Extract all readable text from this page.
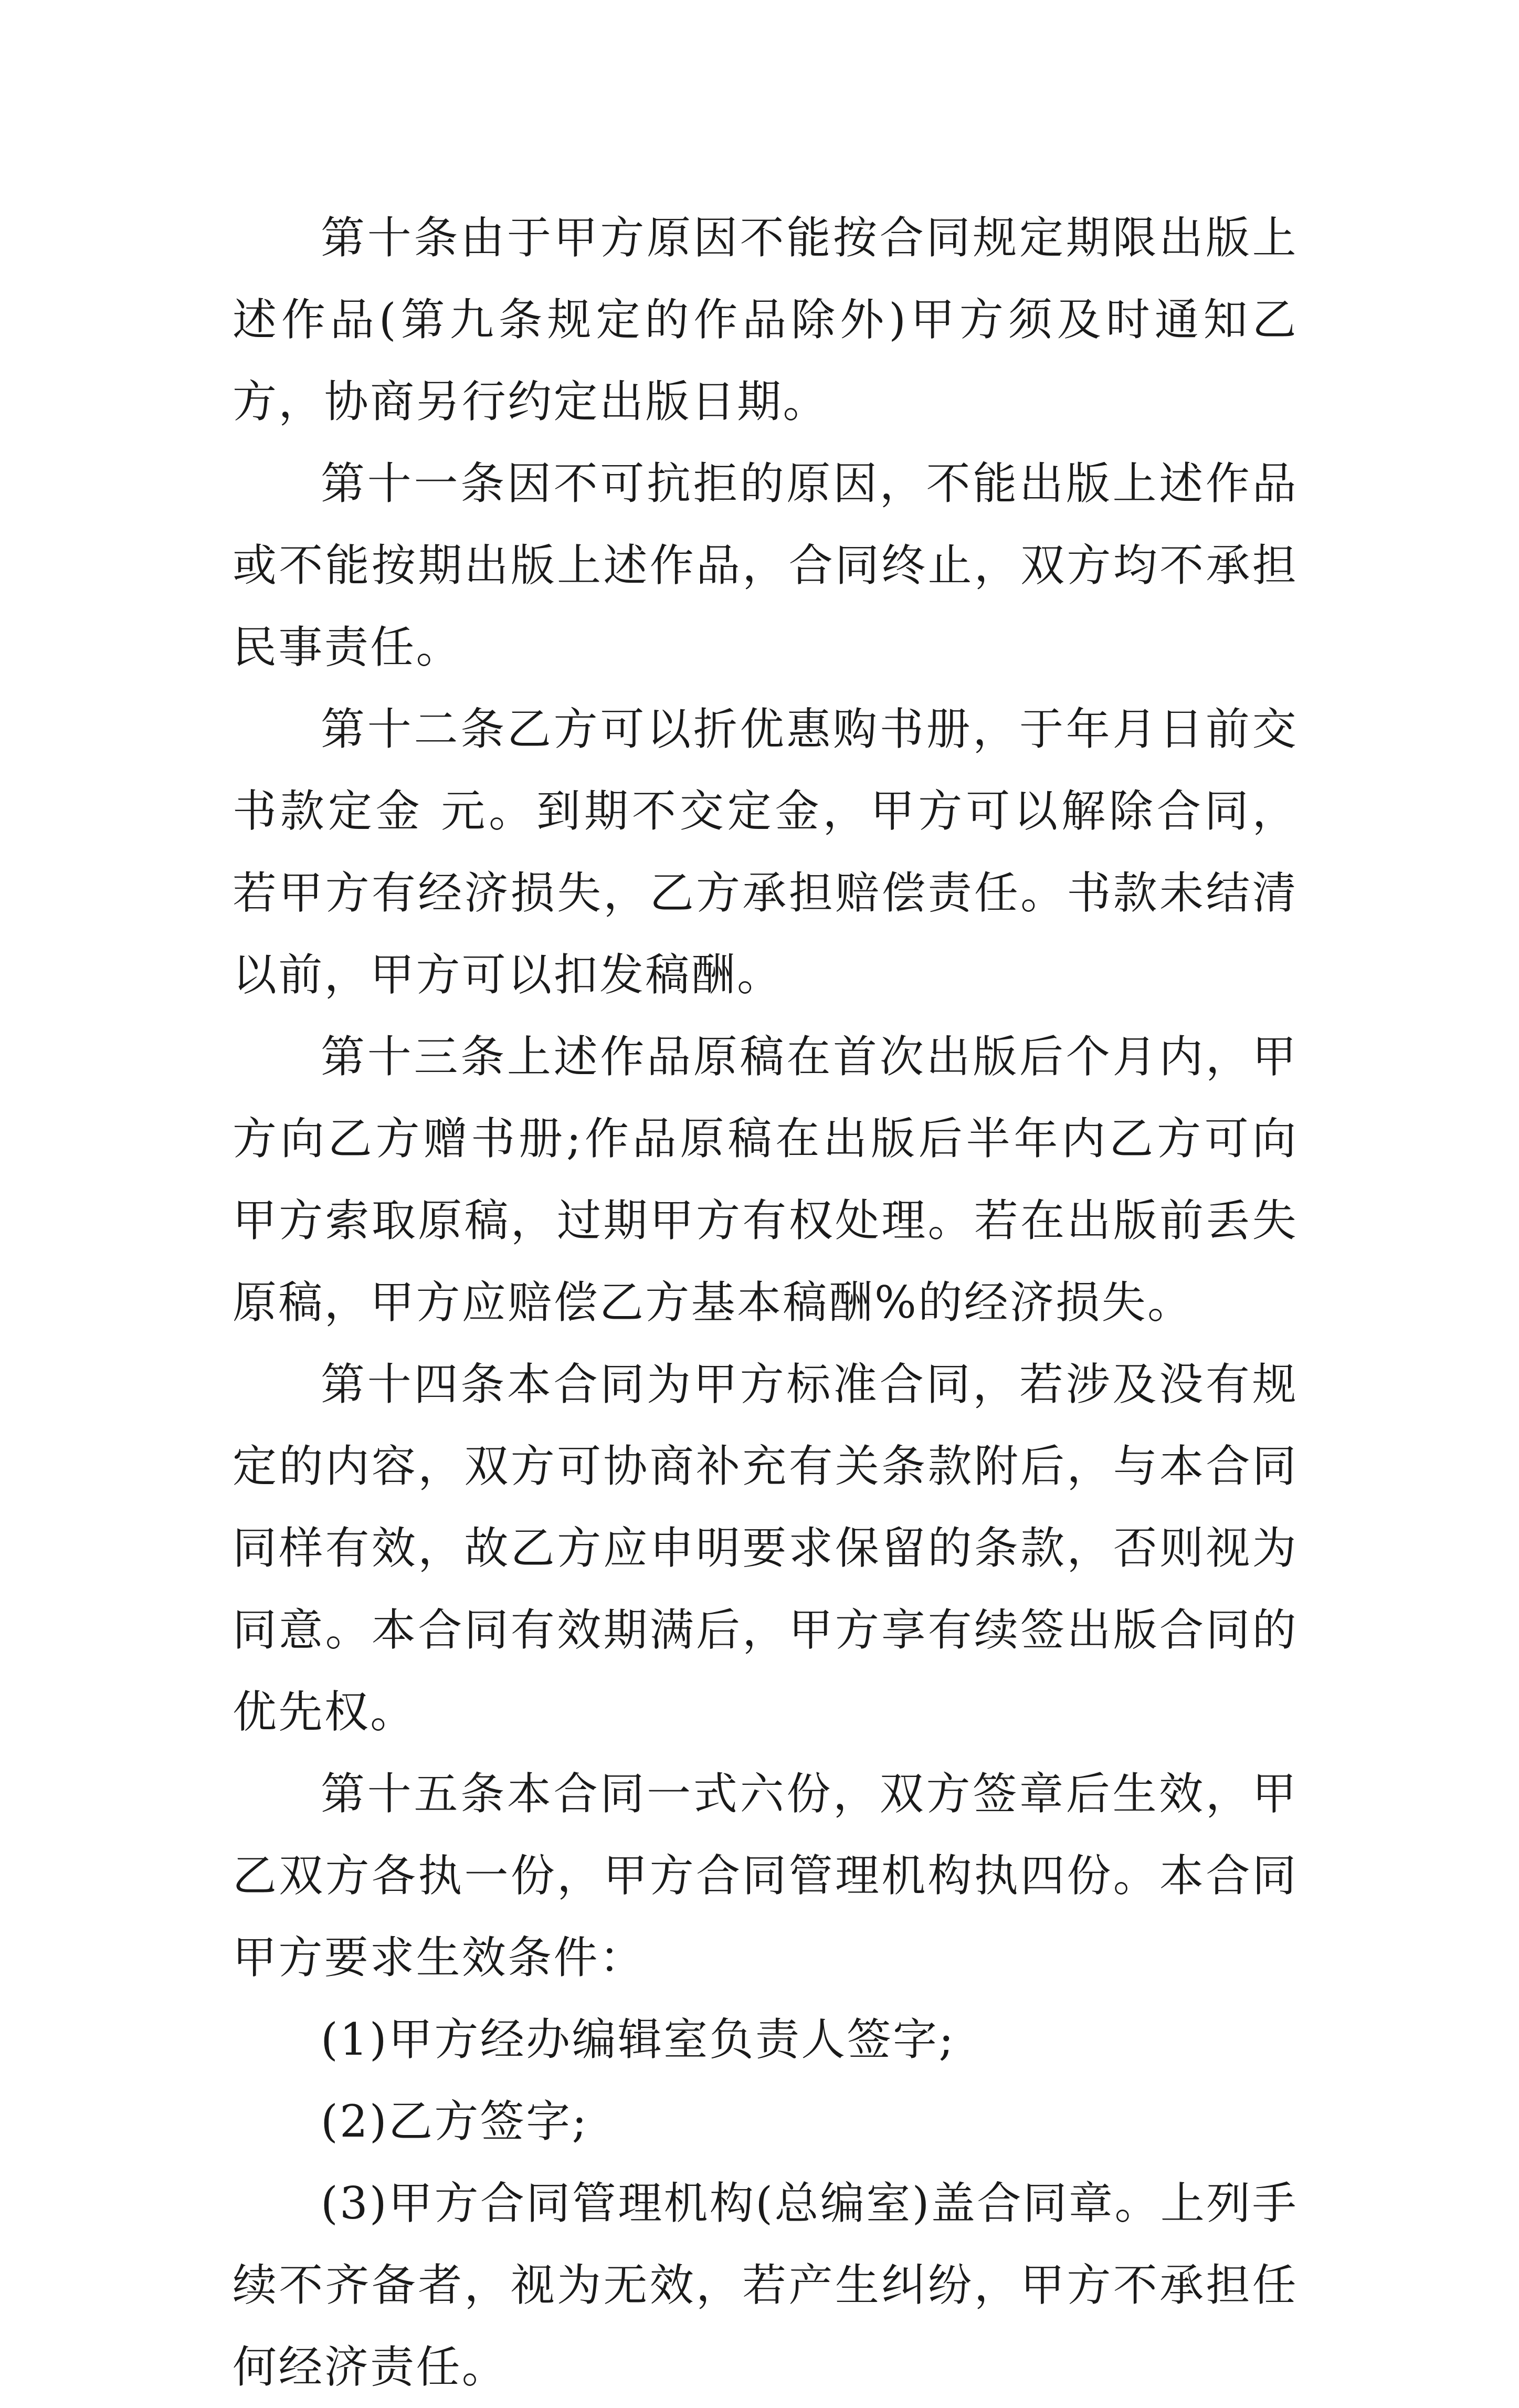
第十条由于甲方原因不能按合同规定期限出版上述作品(第九条规定的作品除外)甲方须及时通知乙方，协商另行约定出版日期。

第十一条因不可抗拒的原因，不能出版上述作品或不能按期出版上述作品，合同终止，双方均不承担民事责任。

第十二条乙方可以折优惠购书册，于年月日前交书款定金 元。到期不交定金，甲方可以解除合同，若甲方有经济损失，乙方承担赔偿责任。书款未结清以前，甲方可以扣发稿酬。

第十三条上述作品原稿在首次出版后个月内，甲方向乙方赠书册;作品原稿在出版后半年内乙方可向甲方索取原稿，过期甲方有权处理。若在出版前丢失原稿，甲方应赔偿乙方基本稿酬%的经济损失。

第十四条本合同为甲方标准合同，若涉及没有规定的内容，双方可协商补充有关条款附后，与本合同同样有效，故乙方应申明要求保留的条款，否则视为同意。本合同有效期满后，甲方享有续签出版合同的优先权。

第十五条本合同一式六份，双方签章后生效，甲乙双方各执一份，甲方合同管理机构执四份。本合同甲方要求生效条件：

(1)甲方经办编辑室负责人签字;

(2)乙方签字;

(3)甲方合同管理机构(总编室)盖合同章。上列手续不齐备者，视为无效，若产生纠纷，甲方不承担任何经济责任。
